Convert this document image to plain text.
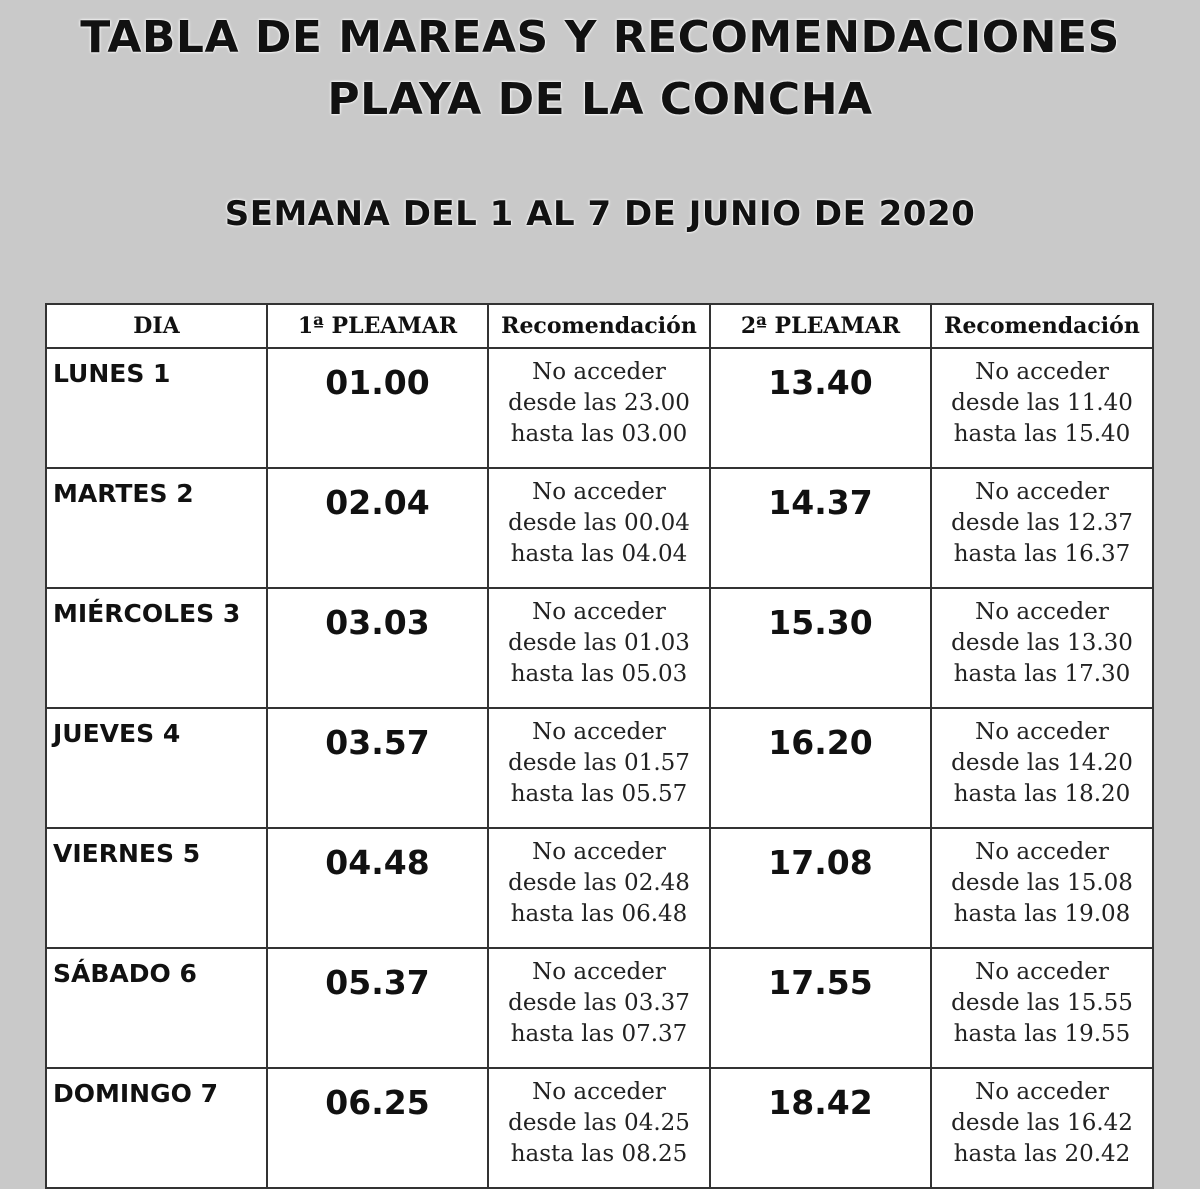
TABLA DE MAREAS Y RECOMENDACIONES
PLAYA DE LA CONCHA
SEMANA DEL 1 AL 7 DE JUNIO DE 2020
DIA	1ª PLEAMAR	Recomendación	2ª PLEAMAR	Recomendación
LUNES 1	01.00	No acceder desde las 23.00 hasta las 03.00	13.40	No acceder desde las 11.40 hasta las 15.40
MARTES 2	02.04	No acceder desde las 00.04 hasta las 04.04	14.37	No acceder desde las 12.37 hasta las 16.37
MIÉRCOLES 3	03.03	No acceder desde las 01.03 hasta las 05.03	15.30	No acceder desde las 13.30 hasta las 17.30
JUEVES 4	03.57	No acceder desde las 01.57 hasta las 05.57	16.20	No acceder desde las 14.20 hasta las 18.20
VIERNES 5	04.48	No acceder desde las 02.48 hasta las 06.48	17.08	No acceder desde las 15.08 hasta las 19.08
SÁBADO 6	05.37	No acceder desde las 03.37 hasta las 07.37	17.55	No acceder desde las 15.55 hasta las 19.55
DOMINGO 7	06.25	No acceder desde las 04.25 hasta las 08.25	18.42	No acceder desde las 16.42 hasta las 20.42
